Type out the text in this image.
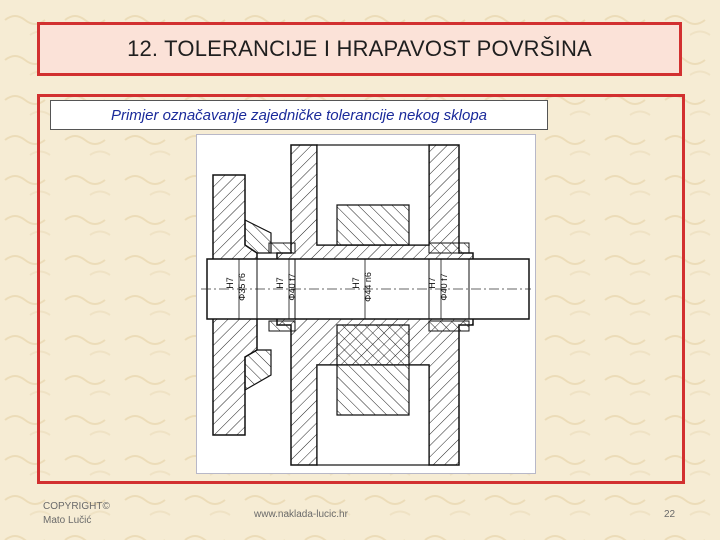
12. TOLERANCIJE I HRAPAVOST POVRŠINA
Primjer označavanje zajedničke tolerancije nekog sklopa
H7 Φ35 r6	H7 Φ40 f7	H7 Φ44 n6	H7 Φ40 f7
COPYRIGHT©
Mato Lučić
www.naklada-lucic.hr	22
